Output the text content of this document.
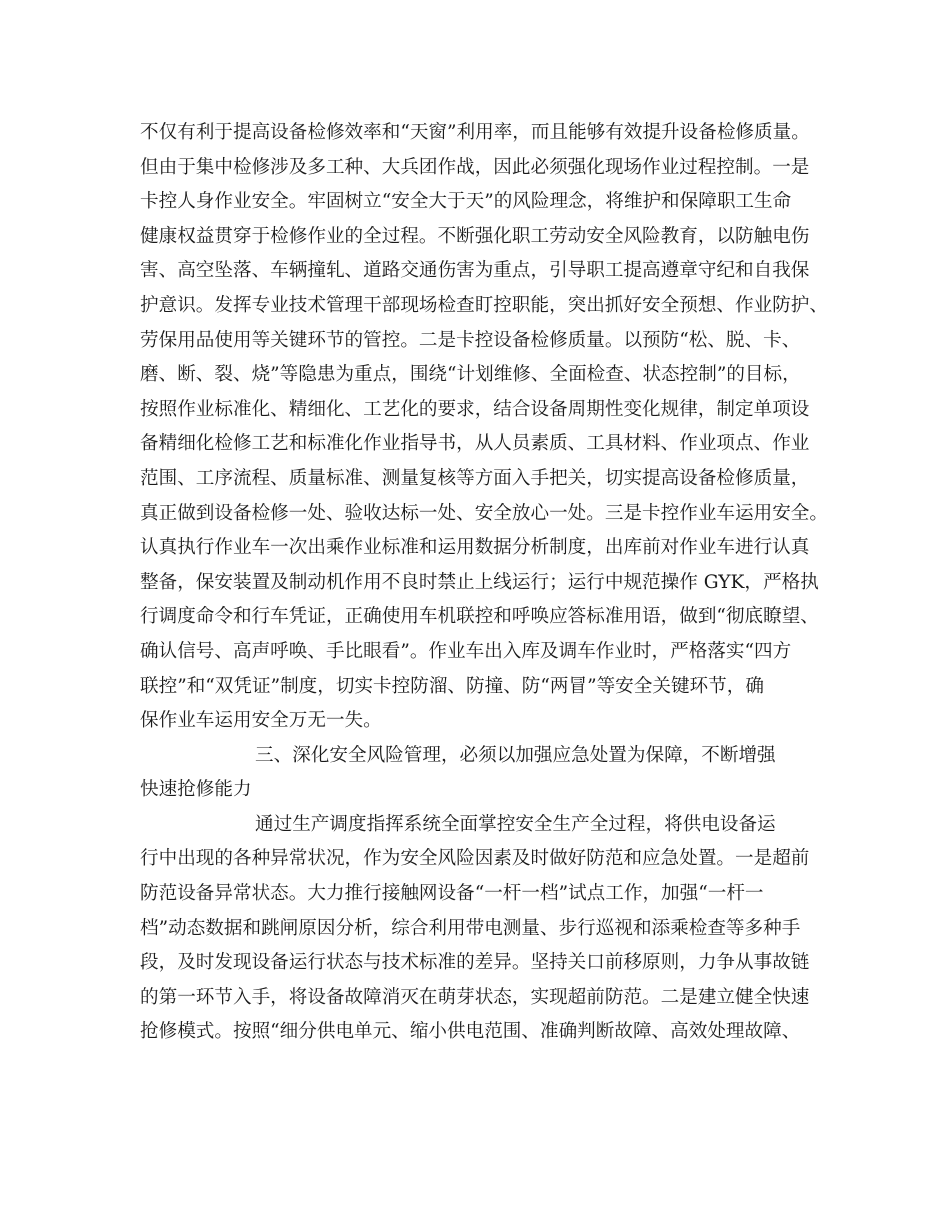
不仅有利于提高设备检修效率和“天窗”利用率，而且能够有效提升设备检修质量。
但由于集中检修涉及多工种、大兵团作战，因此必须强化现场作业过程控制。一是
卡控人身作业安全。牢固树立“安全大于天”的风险理念，将维护和保障职工生命
健康权益贯穿于检修作业的全过程。不断强化职工劳动安全风险教育，以防触电伤
害、高空坠落、车辆撞轧、道路交通伤害为重点，引导职工提高遵章守纪和自我保
护意识。发挥专业技术管理干部现场检查盯控职能，突出抓好安全预想、作业防护、
劳保用品使用等关键环节的管控。二是卡控设备检修质量。以预防“松、脱、卡、
磨、断、裂、烧”等隐患为重点，围绕“计划维修、全面检查、状态控制”的目标，
按照作业标准化、精细化、工艺化的要求，结合设备周期性变化规律，制定单项设
备精细化检修工艺和标准化作业指导书，从人员素质、工具材料、作业项点、作业
范围、工序流程、质量标准、测量复核等方面入手把关，切实提高设备检修质量，
真正做到设备检修一处、验收达标一处、安全放心一处。三是卡控作业车运用安全。
认真执行作业车一次出乘作业标准和运用数据分析制度，出库前对作业车进行认真
整备，保安装置及制动机作用不良时禁止上线运行；运行中规范操作 GYK，严格执
行调度命令和行车凭证，正确使用车机联控和呼唤应答标准用语，做到“彻底瞭望、
确认信号、高声呼唤、手比眼看”。作业车出入库及调车作业时，严格落实“四方
联控”和“双凭证”制度，切实卡控防溜、防撞、防“两冒”等安全关键环节，确
保作业车运用安全万无一失。
三、深化安全风险管理，必须以加强应急处置为保障，不断增强
快速抢修能力
通过生产调度指挥系统全面掌控安全生产全过程，将供电设备运
行中出现的各种异常状况，作为安全风险因素及时做好防范和应急处置。一是超前
防范设备异常状态。大力推行接触网设备“一杆一档”试点工作，加强“一杆一
档”动态数据和跳闸原因分析，综合利用带电测量、步行巡视和添乘检查等多种手
段，及时发现设备运行状态与技术标准的差异。坚持关口前移原则，力争从事故链
的第一环节入手，将设备故障消灭在萌芽状态，实现超前防范。二是建立健全快速
抢修模式。按照“细分供电单元、缩小供电范围、准确判断故障、高效处理故障、
